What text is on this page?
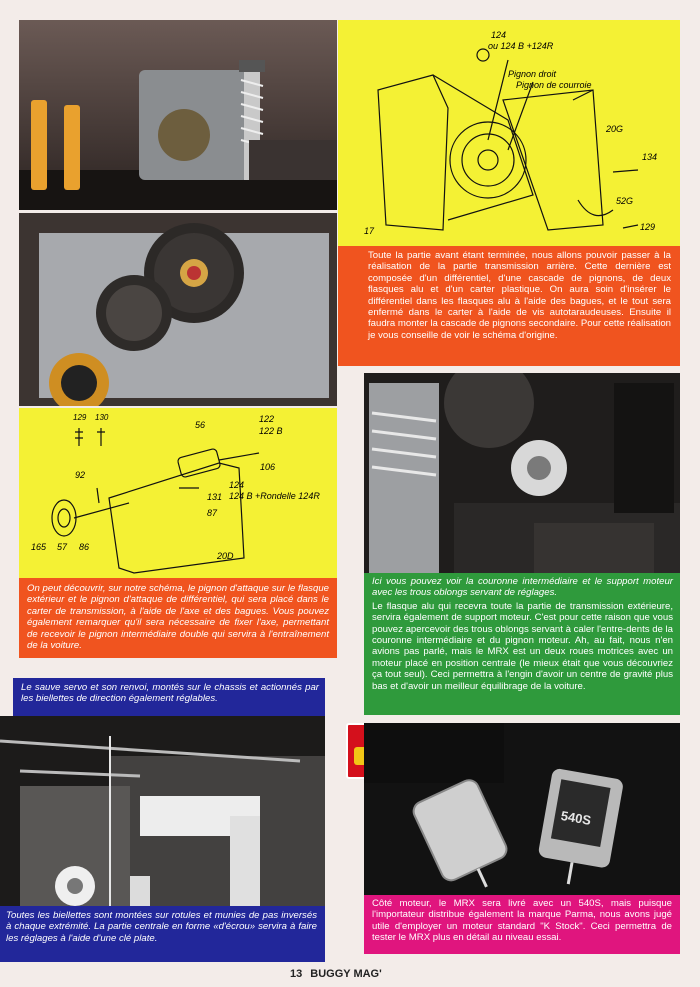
124
ou 124 B +124R
Pignon droit
Pignon de courroie
20G
134
52G
129
17

Toute la partie avant étant terminée, nous allons pouvoir passer à la réalisation de la partie transmission arrière. Cette dernière est composée d'un différentiel, d'une cascade de pignons, de deux flasques alu et d'un carter plastique. On aura soin d'insérer le différentiel dans les flasques alu à l'aide des bagues, et le tout sera enfermé dans le carter à l'aide de vis autotaraudeuses. Ensuite il faudra monter la cascade de pignons secondaire. Pour cette réalisation je vous conseille de voir le schéma d'origine.

129 130
56
122
122 B
106
92
131
124
124 B +Rondelle 124R
87
20D
165 57 86

On peut découvrir, sur notre schéma, le pignon d'attaque sur le flasque extérieur et le pignon d'attaque de différentiel, qui sera placé dans le carter de transmission, à l'aide de l'axe et des bagues. Vous pouvez également remarquer qu'il sera nécessaire de fixer l'axe, permettant de recevoir le pignon intermédiaire double qui servira à l'entraînement de la voiture.

Ici vous pouvez voir la couronne intermédiaire et le support moteur avec les trous oblongs servant de réglages.

Le flasque alu qui recevra toute la partie de transmission extérieure, servira également de support moteur. C'est pour cette raison que vous pouvez apercevoir des trous oblongs servant à caler l'entre-dents de la couronne intermédiaire et du pignon moteur. Ah, au fait, nous n'en avions pas parlé, mais le MRX est un deux roues motrices avec un moteur placé en position centrale (le mieux était que vous découvriez ça tout seul). Ceci permettra à l'engin d'avoir un centre de gravité plus bas et d'avoir un meilleur équilibrage de la voiture.

Le sauve servo et son renvoi, montés sur le chassis et actionnés par les biellettes de direction également réglables.

Toutes les biellettes sont montées sur rotules et munies de pas inversés à chaque extrémité. La partie centrale en forme «d'écrou» servira à faire les réglages à l'aide d'une clé plate.

540S

Côté moteur, le MRX sera livré avec un 540S, mais puisque l'importateur distribue également la marque Parma, nous avons jugé utile d'employer un moteur standard "K Stock". Ceci permettra de tester le MRX plus en détail au niveau essai.

13 BUGGY MAG'
